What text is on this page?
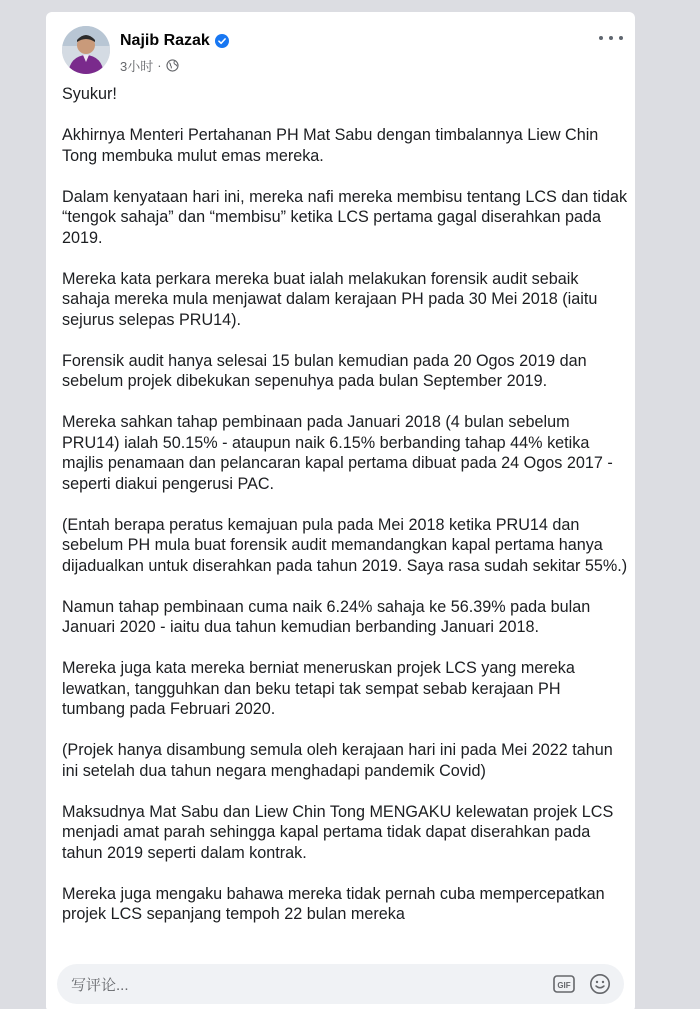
Najib Razak
3小时 ·

Syukur!

Akhirnya Menteri Pertahanan PH Mat Sabu dengan timbalannya Liew Chin Tong membuka mulut emas mereka.

Dalam kenyataan hari ini, mereka nafi mereka membisu tentang LCS dan tidak “tengok sahaja” dan “membisu” ketika LCS pertama gagal diserahkan pada 2019.

Mereka kata perkara mereka buat ialah melakukan forensik audit sebaik sahaja mereka mula menjawat dalam kerajaan PH pada 30 Mei 2018 (iaitu sejurus selepas PRU14).

Forensik audit hanya selesai 15 bulan kemudian pada 20 Ogos 2019 dan sebelum projek dibekukan sepenuhya pada bulan September 2019.

Mereka sahkan tahap pembinaan pada Januari 2018 (4 bulan sebelum PRU14) ialah 50.15% - ataupun naik 6.15% berbanding tahap 44% ketika majlis penamaan dan pelancaran kapal pertama dibuat pada 24 Ogos 2017 - seperti diakui pengerusi PAC.

(Entah berapa peratus kemajuan pula pada Mei 2018 ketika PRU14 dan sebelum PH mula buat forensik audit memandangkan kapal pertama hanya dijadualkan untuk diserahkan pada tahun 2019. Saya rasa sudah sekitar 55%.)

Namun tahap pembinaan cuma naik 6.24% sahaja ke 56.39% pada bulan Januari 2020 - iaitu dua tahun kemudian berbanding Januari 2018.

Mereka juga kata mereka berniat meneruskan projek LCS yang mereka lewatkan, tangguhkan dan beku tetapi tak sempat sebab kerajaan PH tumbang pada Februari 2020.

(Projek hanya disambung semula oleh kerajaan hari ini pada Mei 2022 tahun ini setelah dua tahun negara menghadapi pandemik Covid)

Maksudnya Mat Sabu dan Liew Chin Tong MENGAKU kelewatan projek LCS menjadi amat parah sehingga kapal pertama tidak dapat diserahkan pada tahun 2019 seperti dalam kontrak.

Mereka juga mengaku bahawa mereka tidak pernah cuba mempercepatkan projek LCS sepanjang tempoh 22 bulan mereka

写评论...	GIF
